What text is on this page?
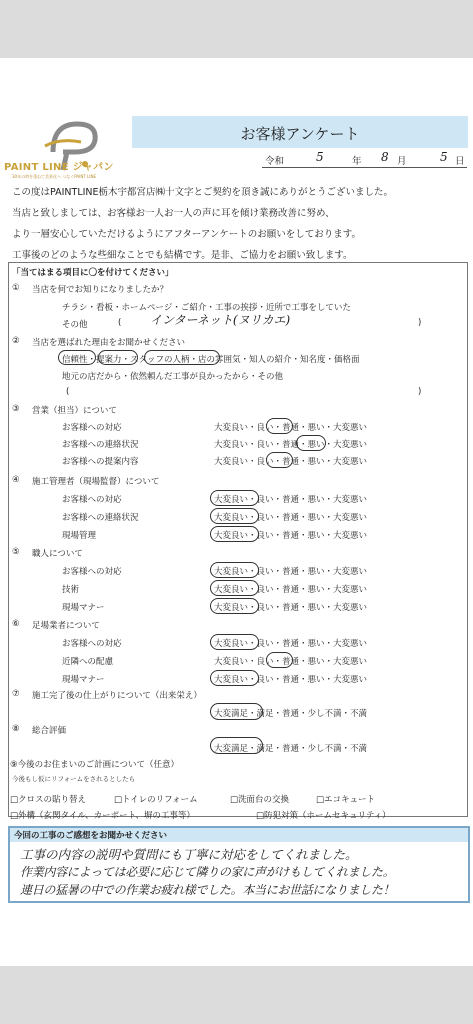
PAINT LINE ジャパン
30年の時を重ねて美景化へ つなぐPAINT LINE
お客様アンケート
令和	5	年 8 月	5 日
この度はPAINTLINE栃木宇都宮店㈱十文字とご契約を頂き誠にありがとうございました。
当店と致しましては、お客様お一人お一人の声に耳を傾け業務改善に努め、
より一層安心していただけるようにアフターアンケートのお願いをしております。
工事後のどのような些細なことでも結構です。是非、ご協力をお願い致します。
「当てはまる項目に〇を付けてください」
① 当店を何でお知りになりましたか？
チラシ・看板・ホームページ・ご紹介・工事の挨拶・近所で工事をしていた
その他	( インターネット(ヌリカエ)	)
② 当店を選ばれた理由をお聞かせください
信頼性・提案力・スタッフの人柄・店の雰囲気・知人の紹介・知名度・価格面
地元の店だから・依然頼んだ工事が良かったから・その他
(	)
③ 営業（担当）について
お客様への対応	大変良い・良い・普通・悪い・大変悪い
お客様への連絡状況	大変良い・良い・普通・悪い・大変悪い
お客様への提案内容	大変良い・良い・普通・悪い・大変悪い
④ 施工管理者（現場監督）について
お客様への対応	大変良い・良い・普通・悪い・大変悪い
お客様への連絡状況	大変良い・良い・普通・悪い・大変悪い
現場管理	大変良い・良い・普通・悪い・大変悪い
⑤ 職人について
お客様への対応	大変良い・良い・普通・悪い・大変悪い
技術	大変良い・良い・普通・悪い・大変悪い
現場マナー	大変良い・良い・普通・悪い・大変悪い
⑥ 足場業者について
お客様への対応	大変良い・良い・普通・悪い・大変悪い
近隣への配慮	大変良い・良い・普通・悪い・大変悪い
現場マナー	大変良い・良い・普通・悪い・大変悪い
⑦ 施工完了後の仕上がりについて（出来栄え）
大変満足・満足・普通・少し不満・不満
⑧ 総合評価
大変満足・満足・普通・少し不満・不満
⑨今後のお住まいのご計画について（任意）
今後もし仮にリフォームをされるとしたら
□クロスの貼り替え	□トイレのリフォーム	□洗面台の交換	□エコキュート
□外構（玄関タイル、カーポート、塀の工事等）	□防犯対策（ホームセキュリティ）
今回の工事のご感想をお聞かせください
工事の内容の説明や質問にも丁寧に対応をしてくれました。
作業内容によっては必要に応じて隣りの家に声がけもしてくれました。
連日の猛暑の中での作業お疲れ様でした。本当にお世話になりました！
